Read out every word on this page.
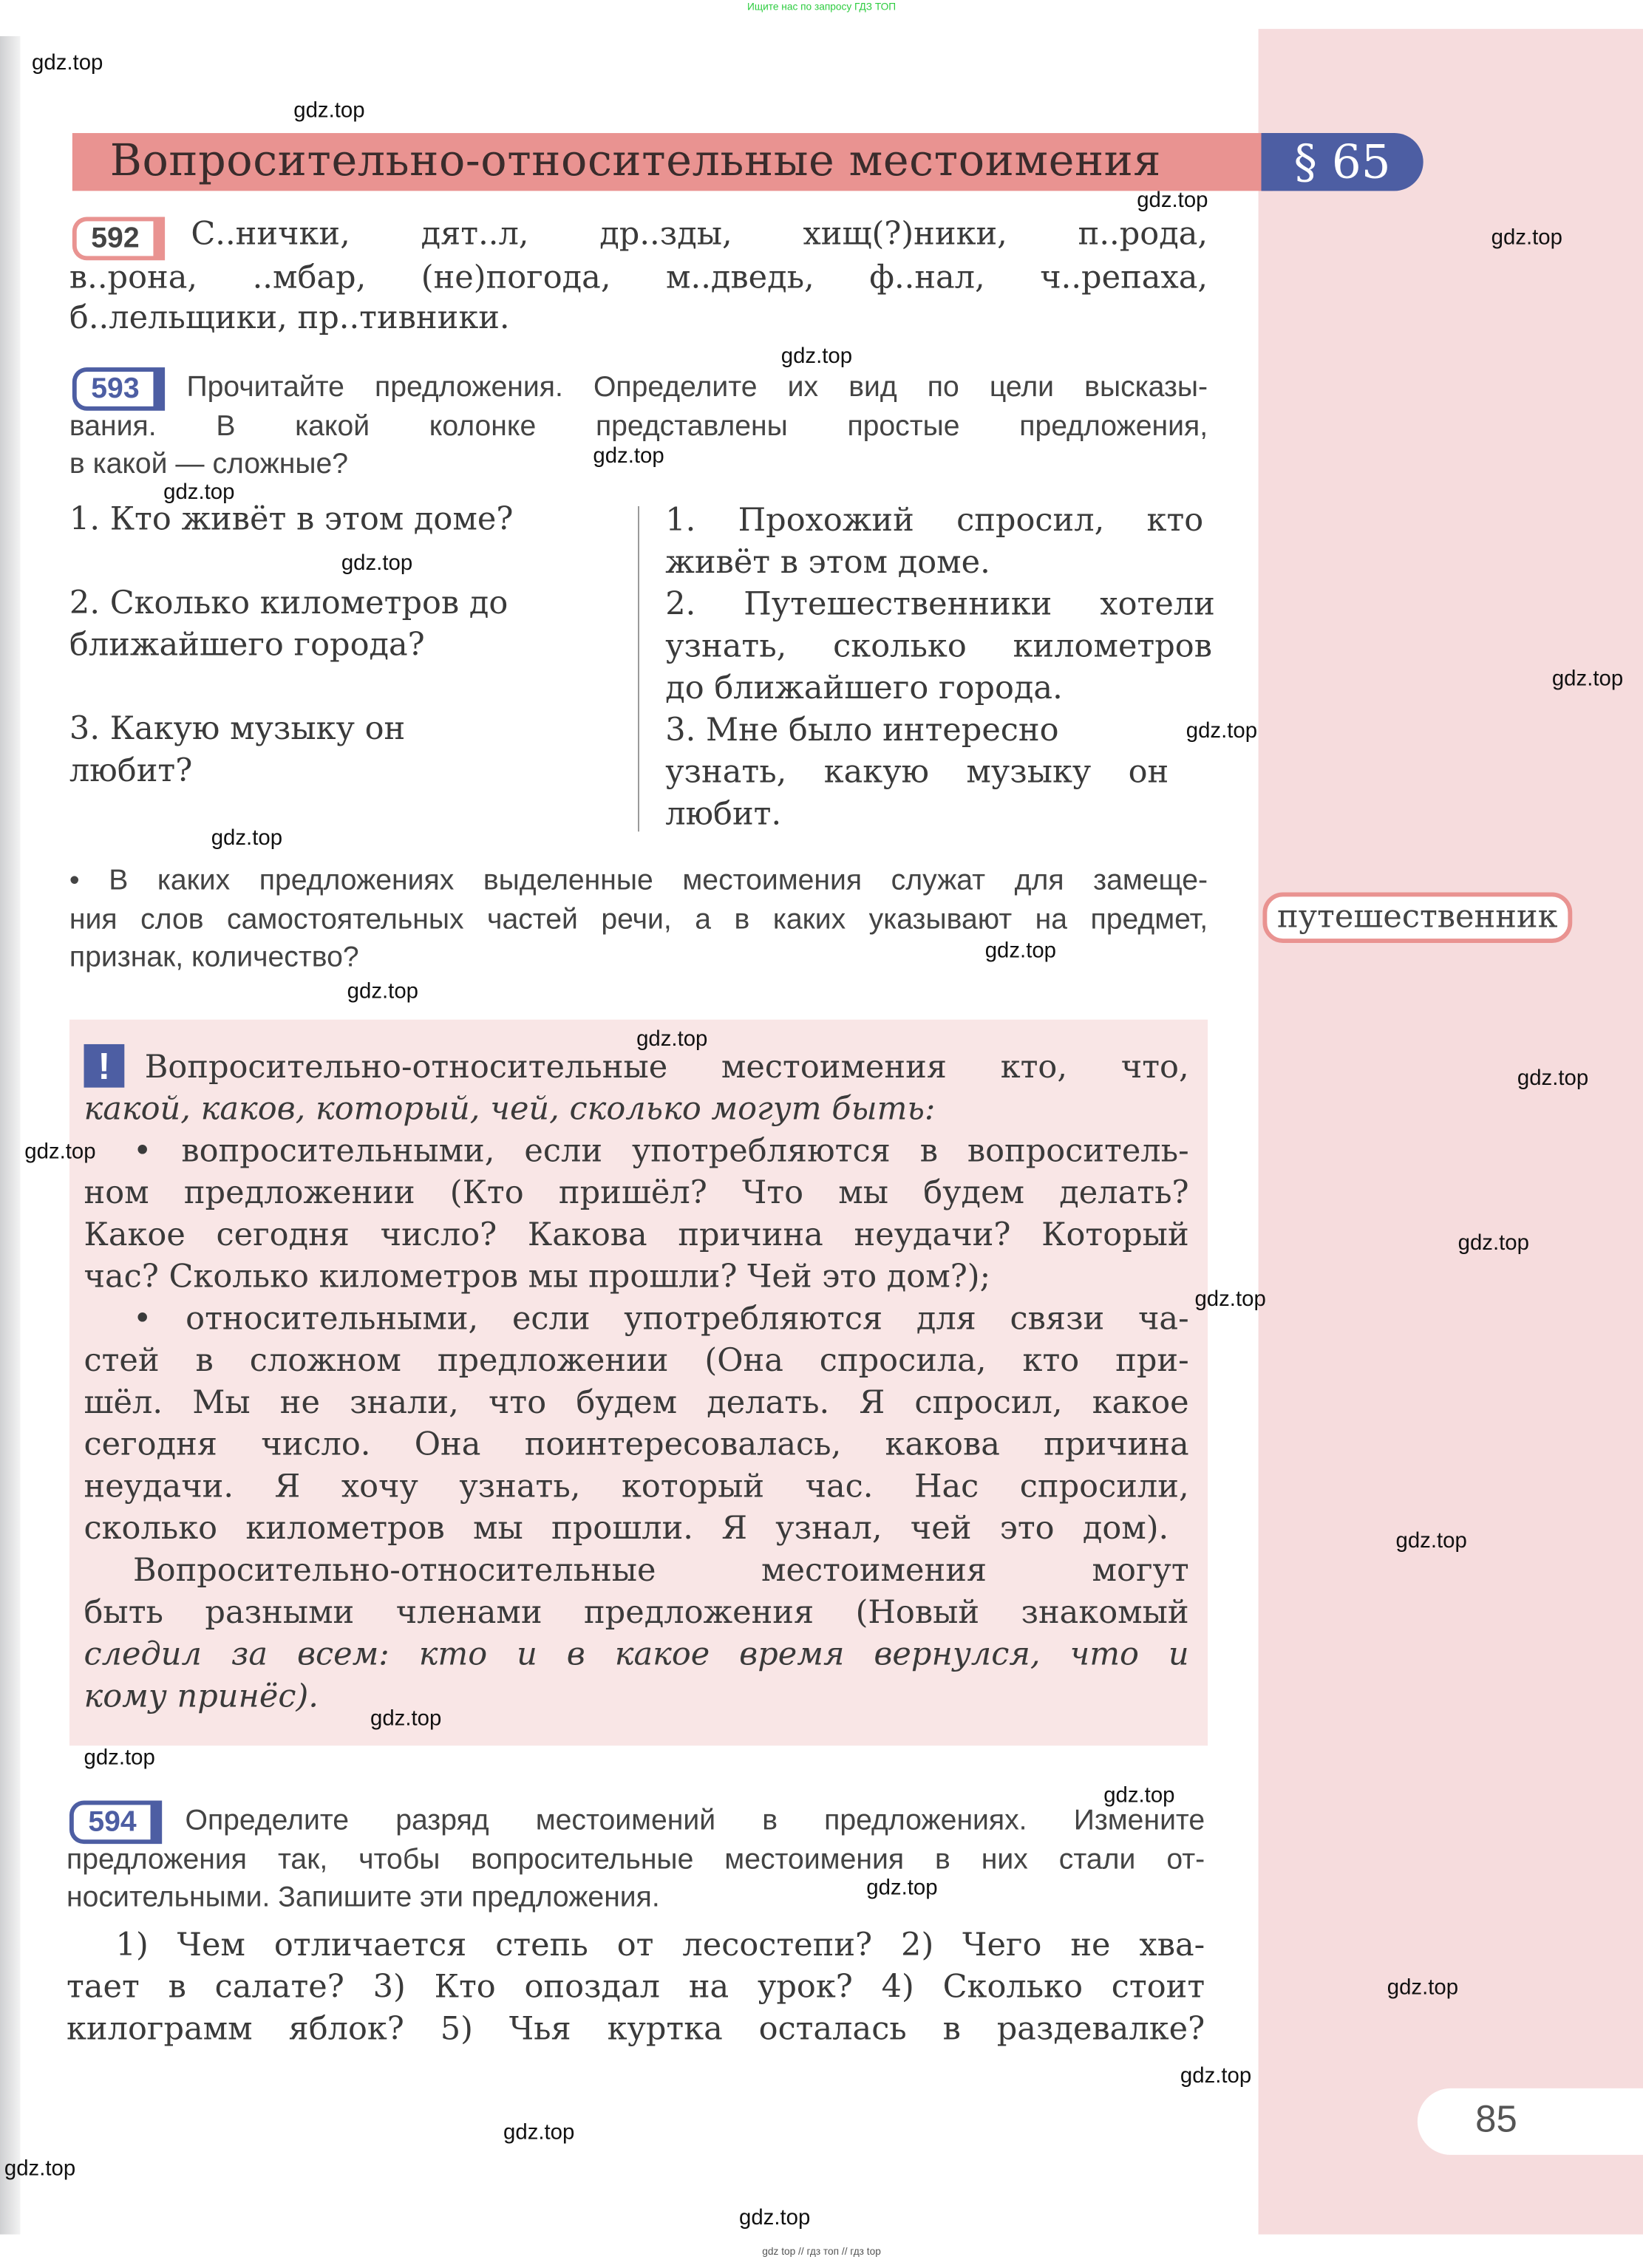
Ищите нас по запросу ГДЗ ТОП
Вопросительно-относительные местоимения	§ 65
592	С..нички, дят..л, др..зды, хищ(?)ники, п..рода,
в..рона, ..мбар, (не)погода, м..дведь, ф..нал, ч..репаха,
б..лельщики, пр..тивники.
593	Прочитайте предложения. Определите их вид по цели высказы-
вания. В какой колонке представлены простые предложения,
в какой — сложные?
1. Кто живёт в этом доме?
2. Сколько километров до
ближайшего города?
3. Какую музыку он
любит?
1. Прохожий спросил, кто
живёт в этом доме.
2. Путешественники хотели
узнать, сколько километров
до ближайшего города.
3. Мне было интересно
узнать, какую музыку он
любит.
• В каких предложениях выделенные местоимения служат для замеще-
ния слов самостоятельных частей речи, а в каких указывают на предмет,
признак, количество?
!	Вопросительно-относительные местоимения кто, что,
какой, каков, который, чей, сколько могут быть:
• вопросительными, если употребляются в вопроситель-
ном предложении (Кто пришёл? Что мы будем делать?
Какое сегодня число? Какова причина неудачи? Который
час? Сколько километров мы прошли? Чей это дом?);
• относительными, если употребляются для связи ча-
стей в сложном предложении (Она спросила, кто при-
шёл. Мы не знали, что будем делать. Я спросил, какое
сегодня число. Она поинтересовалась, какова причина
неудачи. Я хочу узнать, который час. Нас спросили,
сколько километров мы прошли. Я узнал, чей это дом).
Вопросительно-относительные местоимения могут
быть разными членами предложения (Новый знакомый
следил за всем: кто и в какое время вернулся, что и
кому принёс).
594	Определите разряд местоимений в предложениях. Измените
предложения так, чтобы вопросительные местоимения в них стали от-
носительными. Запишите эти предложения.
1) Чем отличается степь от лесостепи? 2) Чего не хва-
тает в салате? 3) Кто опоздал на урок? 4) Сколько стоит
килограмм яблок? 5) Чья куртка осталась в раздевалке?
путешественник
85
gdz top // гдз топ // гдз top
gdz.top
gdz.top
gdz.top
gdz.top
gdz.top
gdz.top
gdz.top
gdz.top
gdz.top
gdz.top
gdz.top
gdz.top
gdz.top
gdz.top
gdz.top
gdz.top
gdz.top
gdz.top
gdz.top
gdz.top
gdz.top
gdz.top
gdz.top
gdz.top
gdz.top
gdz.top
gdz.top
gdz.top
